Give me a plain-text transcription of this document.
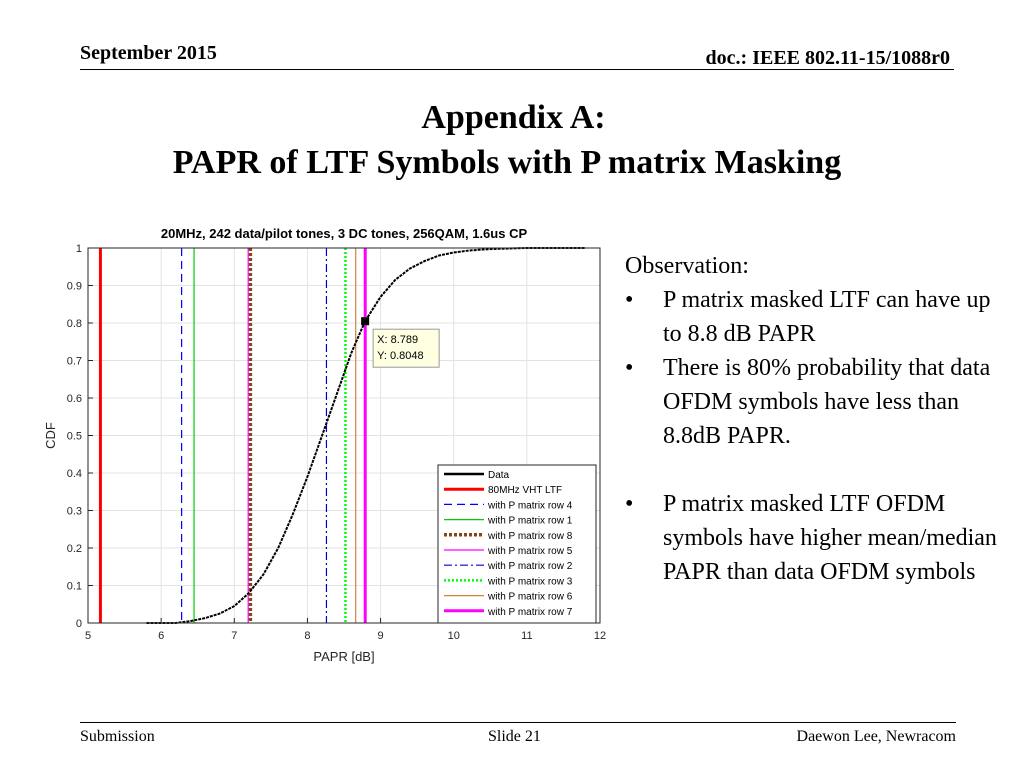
5	6	7	8	9	10	11	12
0
0.1
0.2
0.3
0.4
0.5
0.6
0.7
0.8
0.9
1
20MHz, 242 data/pilot tones, 3 DC tones, 256QAM, 1.6us CP
PAPR [dB]
CDF
X: 8.789
Y: 0.8048
Data
80MHz VHT LTF
with P matrix row 4
with P matrix row 1
with P matrix row 8
with P matrix row 5
with P matrix row 2
with P matrix row 3
with P matrix row 6
with P matrix row 7
September 2015	doc.: IEEE 802.11-15/1088r0
Appendix A:
PAPR of LTF Symbols with P matrix Masking
Observation:
• P matrix masked LTF can have up to 8.8 dB PAPR
• There is 80% probability that data OFDM symbols have less than 8.8dB PAPR.
• P matrix masked LTF OFDM symbols have higher mean/median PAPR than data OFDM symbols
Submission	Slide 21	Daewon Lee, Newracom
